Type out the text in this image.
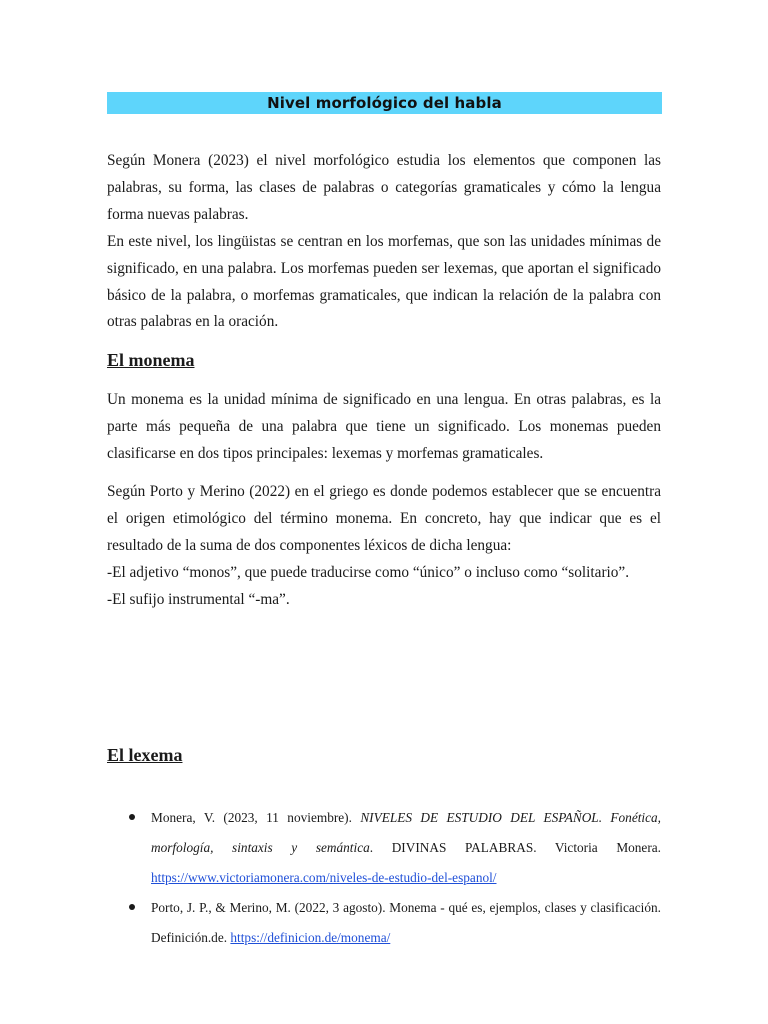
Nivel morfológico del habla

Según Monera (2023) el nivel morfológico estudia los elementos que componen las palabras, su forma, las clases de palabras o categorías gramaticales y cómo la lengua forma nuevas palabras.

En este nivel, los lingüistas se centran en los morfemas, que son las unidades mínimas de significado, en una palabra. Los morfemas pueden ser lexemas, que aportan el significado básico de la palabra, o morfemas gramaticales, que indican la relación de la palabra con otras palabras en la oración.

El monema

Un monema es la unidad mínima de significado en una lengua. En otras palabras, es la parte más pequeña de una palabra que tiene un significado. Los monemas pueden clasificarse en dos tipos principales: lexemas y morfemas gramaticales.

Según Porto y Merino (2022) en el griego es donde podemos establecer que se encuentra el origen etimológico del término monema. En concreto, hay que indicar que es el resultado de la suma de dos componentes léxicos de dicha lengua:

-El adjetivo “monos”, que puede traducirse como “único” o incluso como “solitario”.

-El sufijo instrumental “-ma”.

El lexema
Monera, V. (2023, 11 noviembre). NIVELES DE ESTUDIO DEL ESPAÑOL. Fonética, morfología, sintaxis y semántica. DIVINAS PALABRAS. Victoria Monera. https://www.victoriamonera.com/niveles-de-estudio-del-espanol/
Porto, J. P., & Merino, M. (2022, 3 agosto). Monema - qué es, ejemplos, clases y clasificación. Definición.de. https://definicion.de/monema/
